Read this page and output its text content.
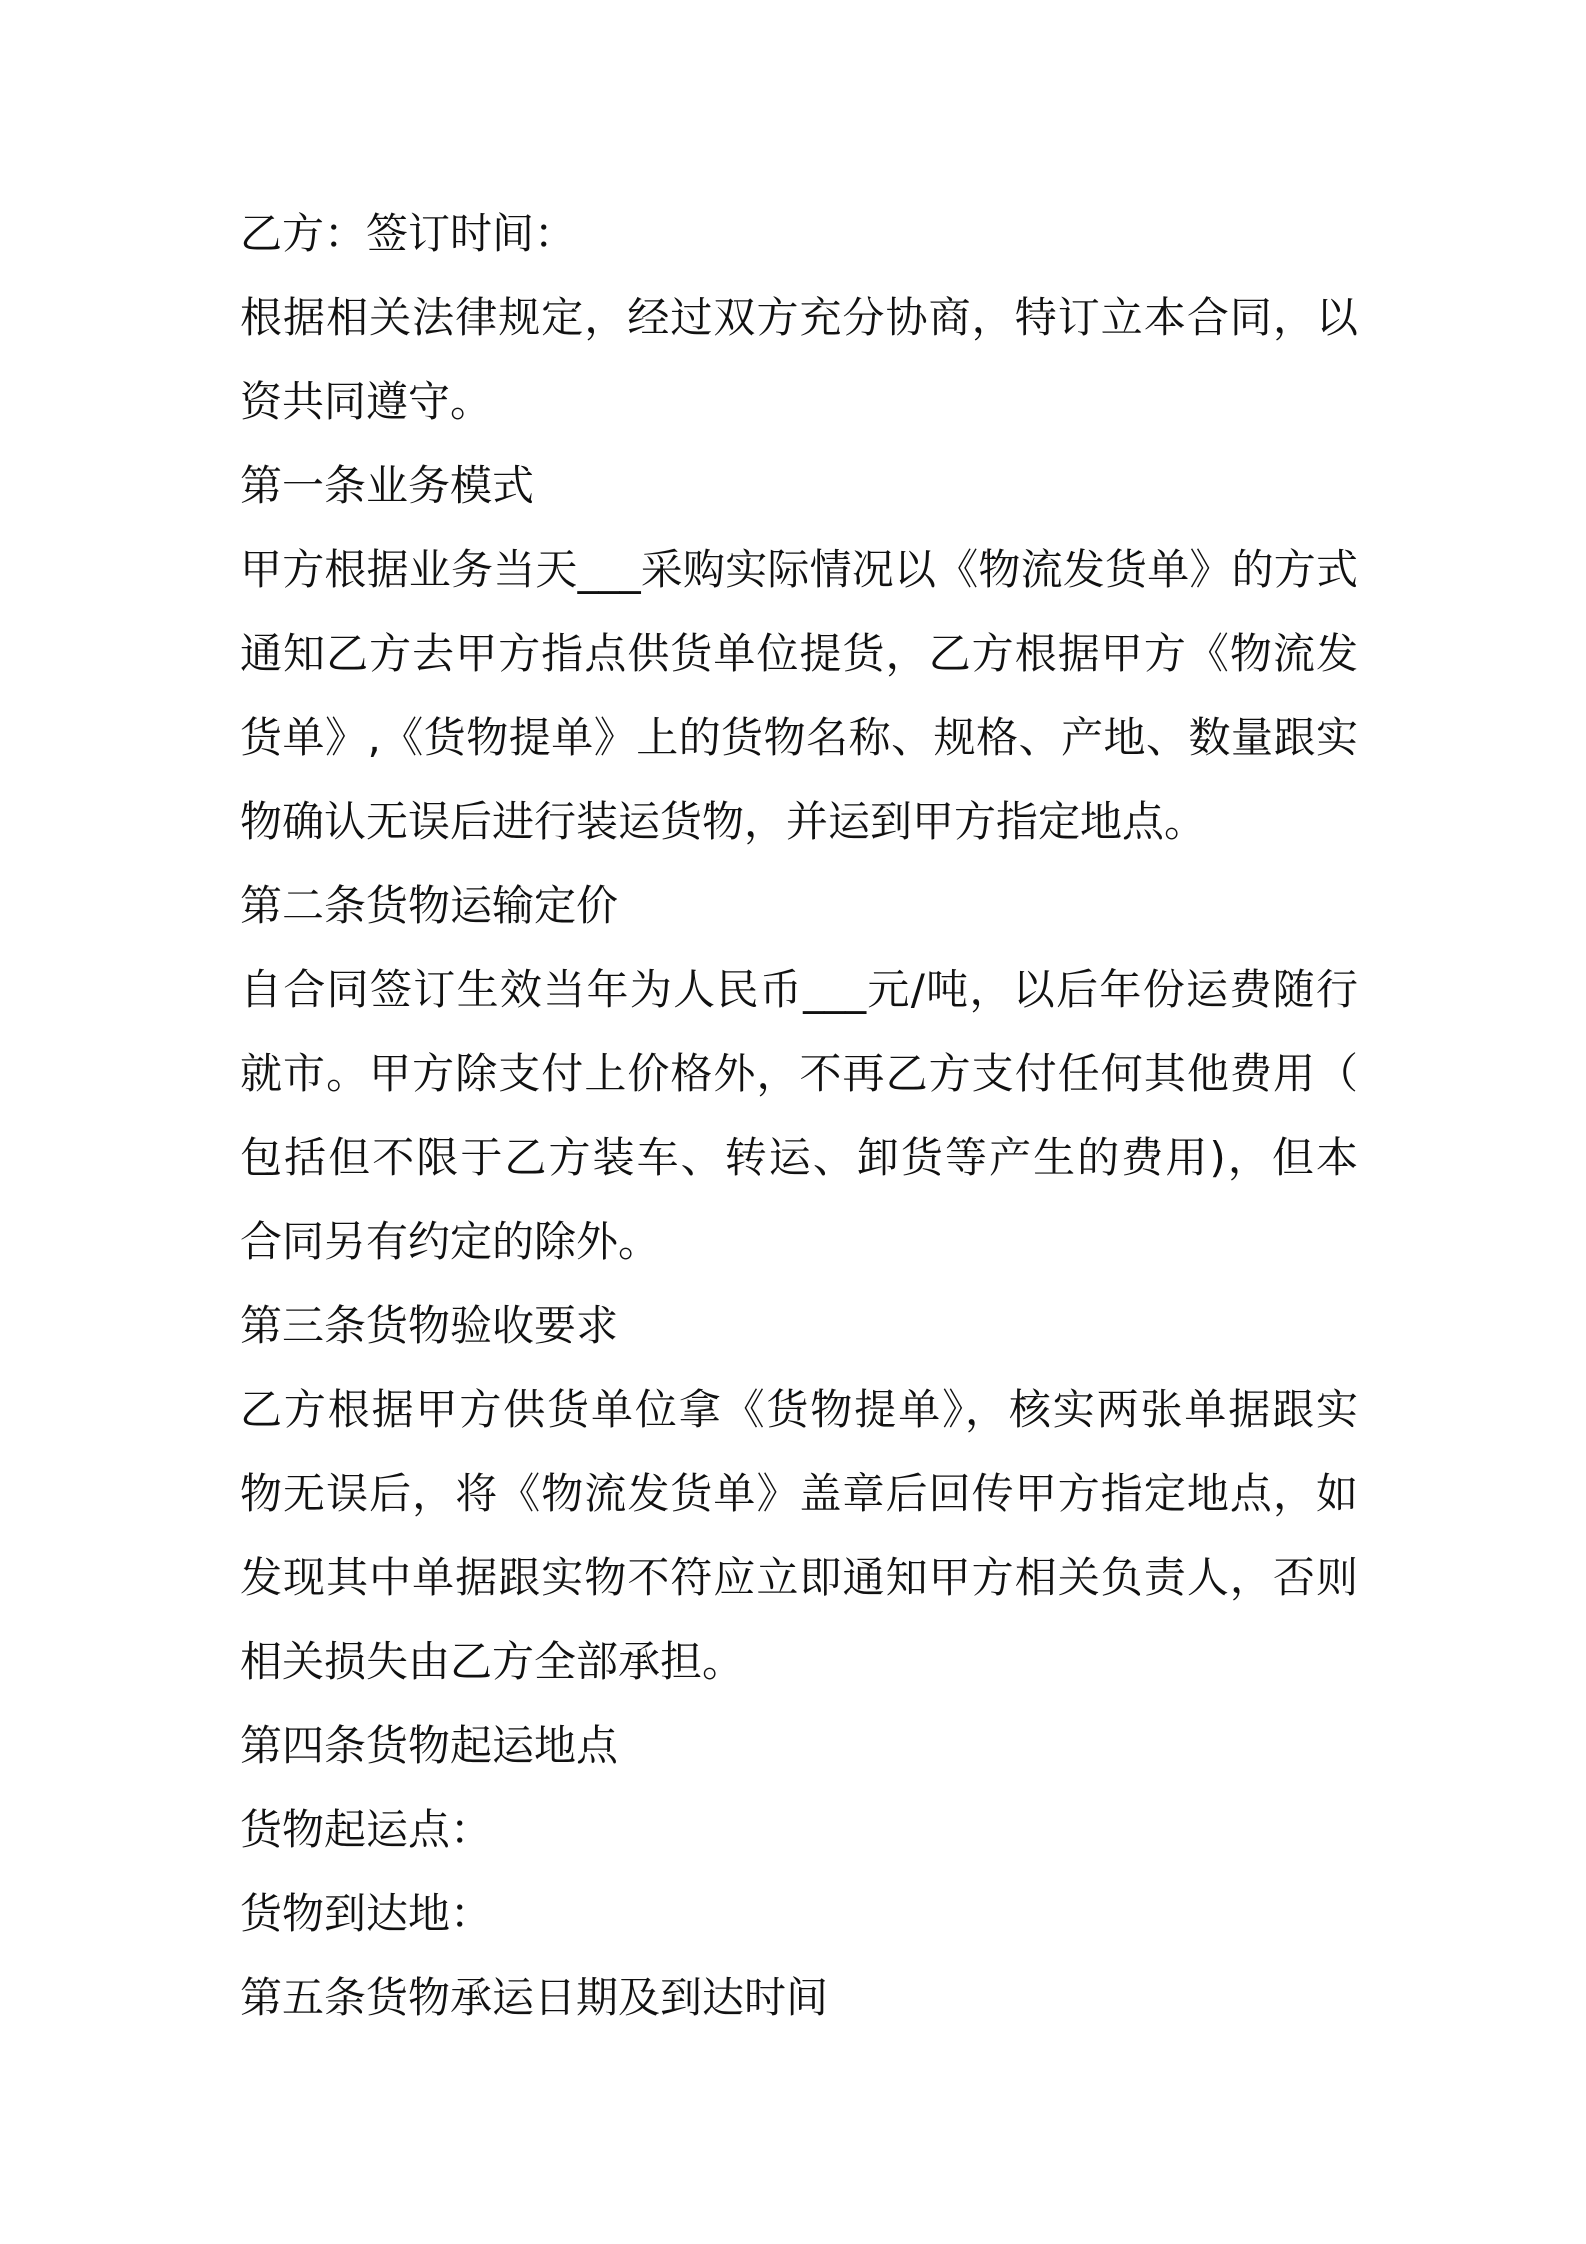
乙方：签订时间：
根据相关法律规定，经过双方充分协商，特订立本合同，以
资共同遵守。
第一条业务模式
甲方根据业务当天___采购实际情况以《物流发货单》的方式
通知乙方去甲方指点供货单位提货，乙方根据甲方《物流发
货单》,《货物提单》上的货物名称、规格、产地、数量跟实
物确认无误后进行装运货物，并运到甲方指定地点。
第二条货物运输定价
自合同签订生效当年为人民币___元/吨，以后年份运费随行
就市。甲方除支付上价格外，不再乙方支付任何其他费用（
包括但不限于乙方装车、转运、卸货等产生的费用)，但本
合同另有约定的除外。
第三条货物验收要求
乙方根据甲方供货单位拿《货物提单》，核实两张单据跟实
物无误后，将《物流发货单》盖章后回传甲方指定地点，如
发现其中单据跟实物不符应立即通知甲方相关负责人，否则
相关损失由乙方全部承担。
第四条货物起运地点
货物起运点：
货物到达地：
第五条货物承运日期及到达时间
